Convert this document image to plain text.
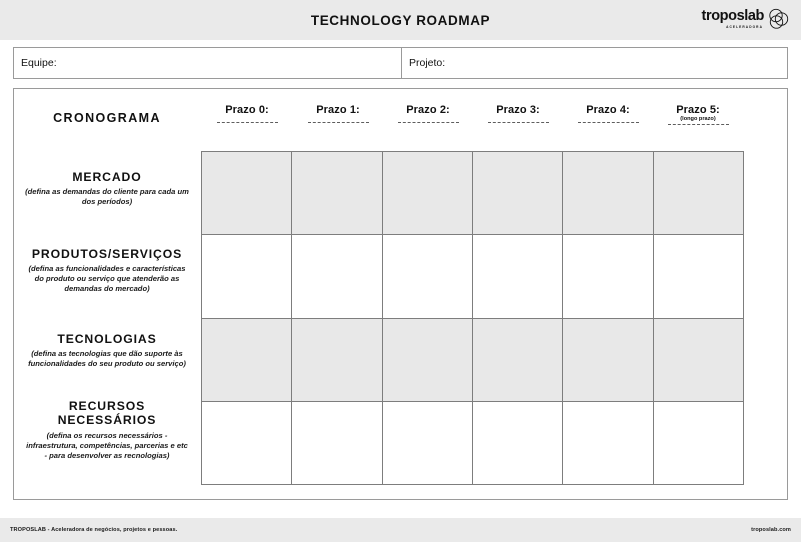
TECHNOLOGY ROADMAP	troposlab
ACELERADORA
Equipe:	Projeto:
CRONOGRAMA
Prazo 0:	Prazo 1:	Prazo 2:	Prazo 3:	Prazo 4:	Prazo 5:
(longo prazo)
MERCADO
(defina as demandas do cliente para cada um dos períodos)
PRODUTOS/SERVIÇOS
(defina as funcionalidades e características do produto ou serviço que atenderão as demandas do mercado)
TECNOLOGIAS
(defina as tecnologias que dão suporte às funcionalidades do seu produto ou serviço)
RECURSOS NECESSÁRIOS
(defina os recursos necessários - infraestrutura, competências, parcerias e etc - para desenvolver as recnologias)
TROPOSLAB - Aceleradora de negócios, projetos e pessoas.	troposlab.com
